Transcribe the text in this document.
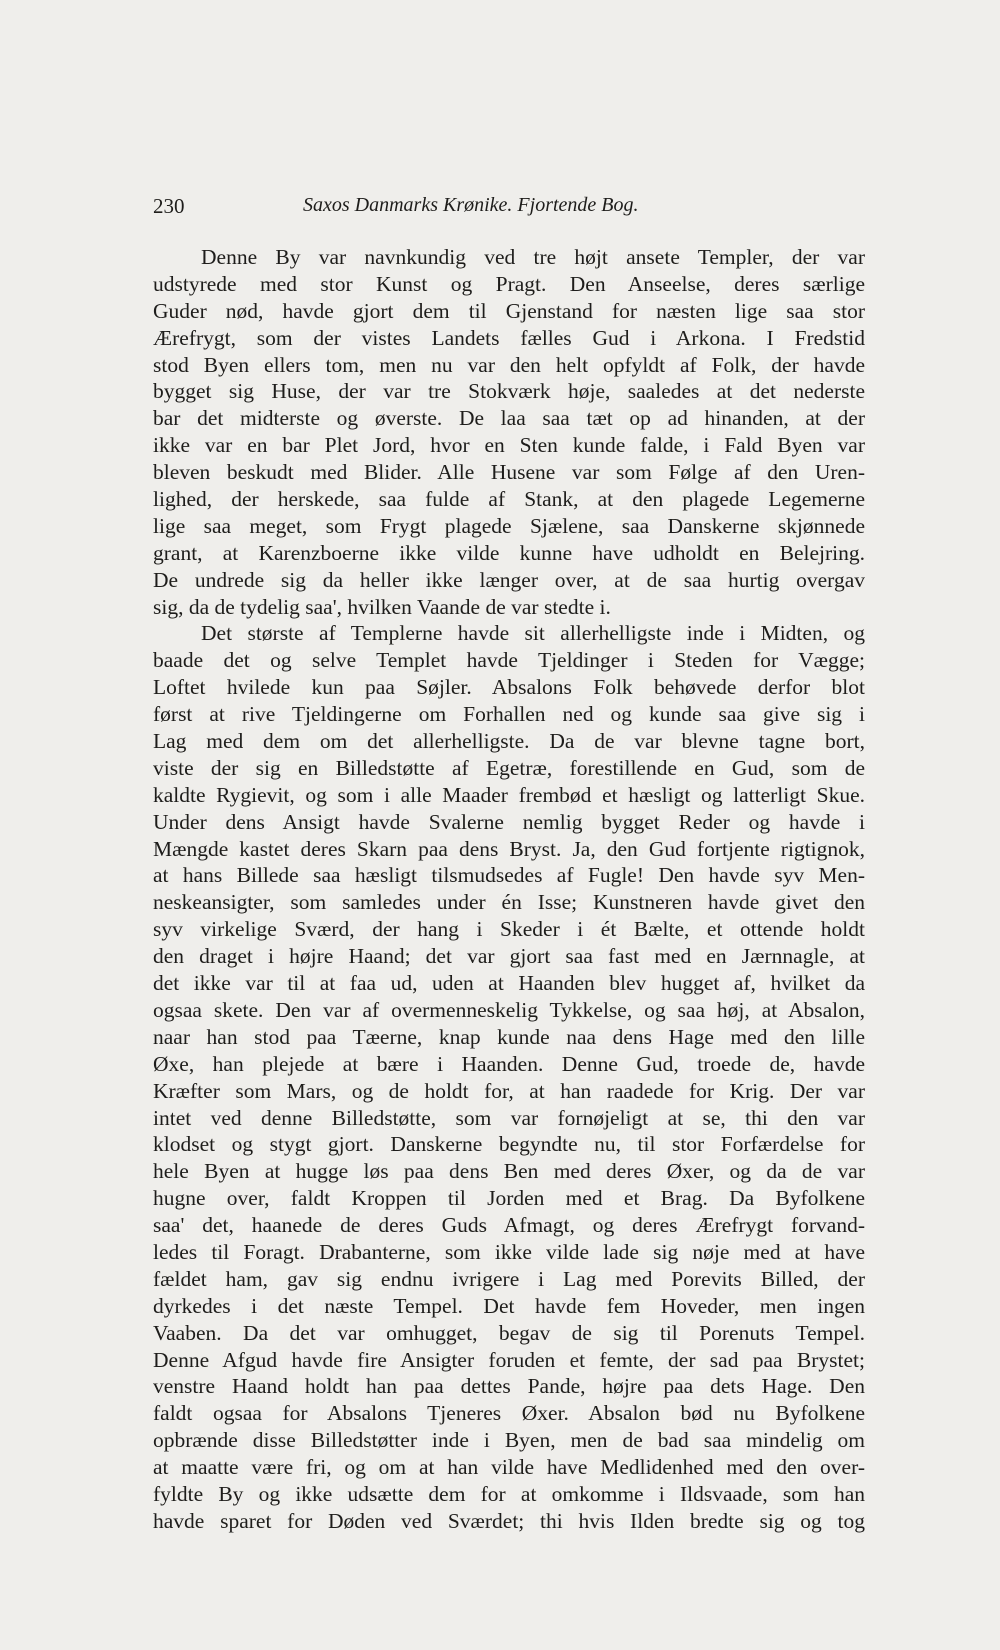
230	Saxos Danmarks Krønike. Fjortende Bog.
Denne By var navnkundig ved tre højt ansete Templer, der var
udstyrede med stor Kunst og Pragt. Den Anseelse, deres særlige
Guder nød, havde gjort dem til Gjenstand for næsten lige saa stor
Ærefrygt, som der vistes Landets fælles Gud i Arkona. I Fredstid
stod Byen ellers tom, men nu var den helt opfyldt af Folk, der havde
bygget sig Huse, der var tre Stokværk høje, saaledes at det nederste
bar det midterste og øverste. De laa saa tæt op ad hinanden, at der
ikke var en bar Plet Jord, hvor en Sten kunde falde, i Fald Byen var
bleven beskudt med Blider. Alle Husene var som Følge af den Uren-
lighed, der herskede, saa fulde af Stank, at den plagede Legemerne
lige saa meget, som Frygt plagede Sjælene, saa Danskerne skjønnede
grant, at Karenzboerne ikke vilde kunne have udholdt en Belejring.
De undrede sig da heller ikke længer over, at de saa hurtig overgav
sig, da de tydelig saa', hvilken Vaande de var stedte i.
Det største af Templerne havde sit allerhelligste inde i Midten, og
baade det og selve Templet havde Tjeldinger i Steden for Vægge;
Loftet hvilede kun paa Søjler. Absalons Folk behøvede derfor blot
først at rive Tjeldingerne om Forhallen ned og kunde saa give sig i
Lag med dem om det allerhelligste. Da de var blevne tagne bort,
viste der sig en Billedstøtte af Egetræ, forestillende en Gud, som de
kaldte Rygievit, og som i alle Maader frembød et hæsligt og latterligt Skue.
Under dens Ansigt havde Svalerne nemlig bygget Reder og havde i
Mængde kastet deres Skarn paa dens Bryst. Ja, den Gud fortjente rigtignok,
at hans Billede saa hæsligt tilsmudsedes af Fugle! Den havde syv Men-
neskeansigter, som samledes under én Isse; Kunstneren havde givet den
syv virkelige Sværd, der hang i Skeder i ét Bælte, et ottende holdt
den draget i højre Haand; det var gjort saa fast med en Jærnnagle, at
det ikke var til at faa ud, uden at Haanden blev hugget af, hvilket da
ogsaa skete. Den var af overmenneskelig Tykkelse, og saa høj, at Absalon,
naar han stod paa Tæerne, knap kunde naa dens Hage med den lille
Øxe, han plejede at bære i Haanden. Denne Gud, troede de, havde
Kræfter som Mars, og de holdt for, at han raadede for Krig. Der var
intet ved denne Billedstøtte, som var fornøjeligt at se, thi den var
klodset og stygt gjort. Danskerne begyndte nu, til stor Forfærdelse for
hele Byen at hugge løs paa dens Ben med deres Øxer, og da de var
hugne over, faldt Kroppen til Jorden med et Brag. Da Byfolkene
saa' det, haanede de deres Guds Afmagt, og deres Ærefrygt forvand-
ledes til Foragt. Drabanterne, som ikke vilde lade sig nøje med at have
fældet ham, gav sig endnu ivrigere i Lag med Porevits Billed, der
dyrkedes i det næste Tempel. Det havde fem Hoveder, men ingen
Vaaben. Da det var omhugget, begav de sig til Porenuts Tempel.
Denne Afgud havde fire Ansigter foruden et femte, der sad paa Brystet;
venstre Haand holdt han paa dettes Pande, højre paa dets Hage. Den
faldt ogsaa for Absalons Tjeneres Øxer. Absalon bød nu Byfolkene
opbrænde disse Billedstøtter inde i Byen, men de bad saa mindelig om
at maatte være fri, og om at han vilde have Medlidenhed med den over-
fyldte By og ikke udsætte dem for at omkomme i Ildsvaade, som han
havde sparet for Døden ved Sværdet; thi hvis Ilden bredte sig og tog
